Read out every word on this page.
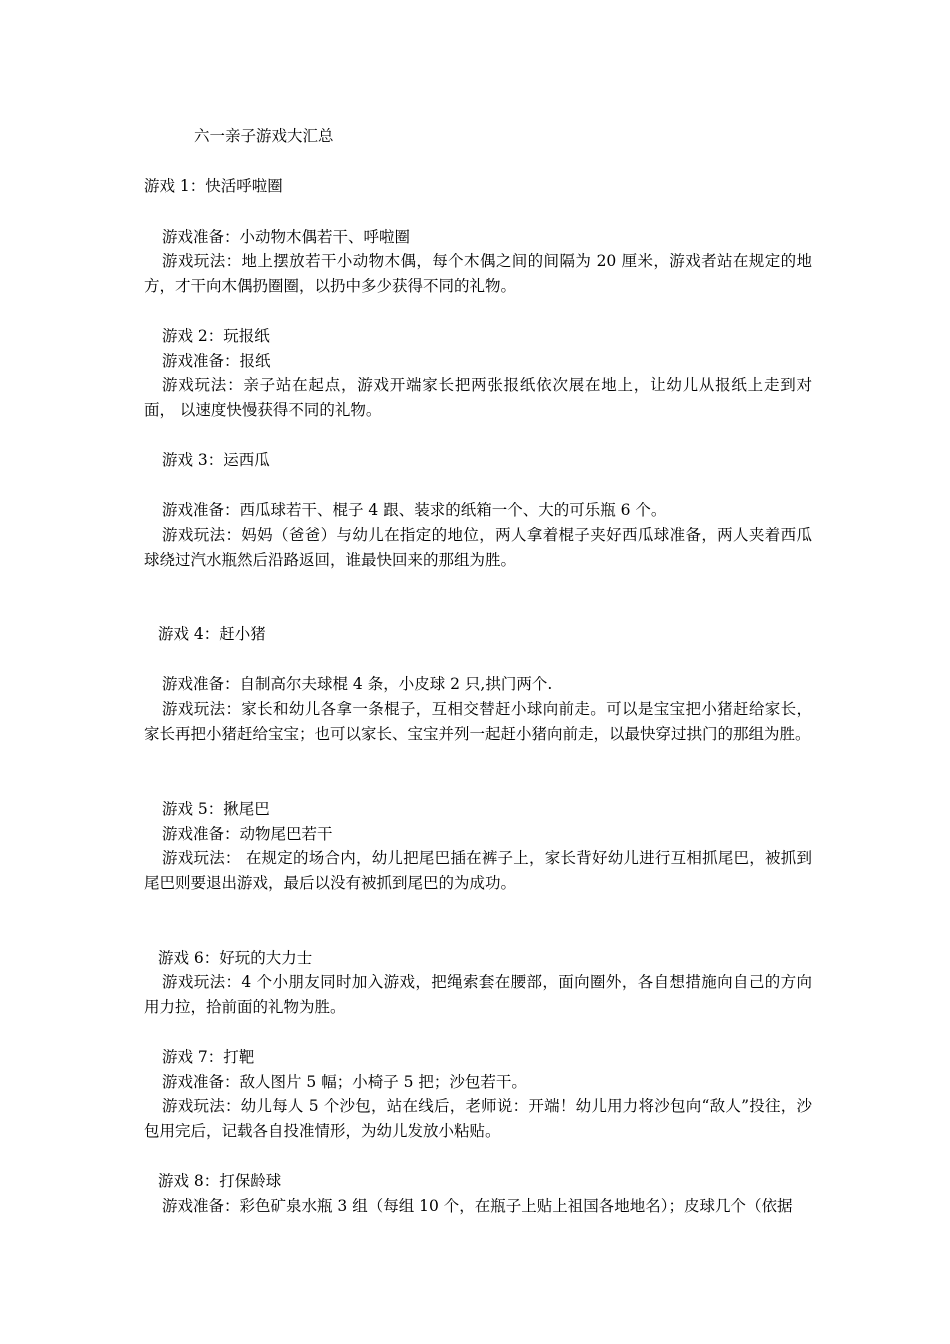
六一亲子游戏大汇总
游戏 1：快活呼啦圈
游戏准备：小动物木偶若干、呼啦圈
游戏玩法：地上摆放若干小动物木偶，每个木偶之间的间隔为 20 厘米，游戏者站在规定的地方，才干向木偶扔圈圈，以扔中多少获得不同的礼物。
游戏 2：玩报纸
游戏准备：报纸
游戏玩法：亲子站在起点，游戏开端家长把两张报纸依次展在地上，让幼儿从报纸上走到对面， 以速度快慢获得不同的礼物。
游戏 3：运西瓜
游戏准备：西瓜球若干、棍子 4 跟、装求的纸箱一个、大的可乐瓶 6 个。
游戏玩法：妈妈（爸爸）与幼儿在指定的地位，两人拿着棍子夹好西瓜球准备，两人夹着西瓜球绕过汽水瓶然后沿路返回，谁最快回来的那组为胜。
游戏 4：赶小猪
游戏准备：自制高尔夫球棍 4 条，小皮球 2 只,拱门两个.
游戏玩法：家长和幼儿各拿一条棍子，互相交替赶小球向前走。可以是宝宝把小猪赶给家长，家长再把小猪赶给宝宝；也可以家长、宝宝并列一起赶小猪向前走，以最快穿过拱门的那组为胜。
游戏 5：揪尾巴
游戏准备：动物尾巴若干
游戏玩法： 在规定的场合内，幼儿把尾巴插在裤子上，家长背好幼儿进行互相抓尾巴，被抓到尾巴则要退出游戏，最后以没有被抓到尾巴的为成功。
游戏 6：好玩的大力士
游戏玩法：4 个小朋友同时加入游戏，把绳索套在腰部，面向圈外，各自想措施向自己的方向用力拉，拾前面的礼物为胜。
游戏 7：打靶
游戏准备：敌人图片 5 幅；小椅子 5 把；沙包若干。
游戏玩法：幼儿每人 5 个沙包，站在线后，老师说：开端！幼儿用力将沙包向“敌人”投往，沙包用完后，记载各自投准情形，为幼儿发放小粘贴。
游戏 8：打保龄球
游戏准备：彩色矿泉水瓶 3 组（每组 10 个，在瓶子上贴上祖国各地地名）；皮球几个（依据
